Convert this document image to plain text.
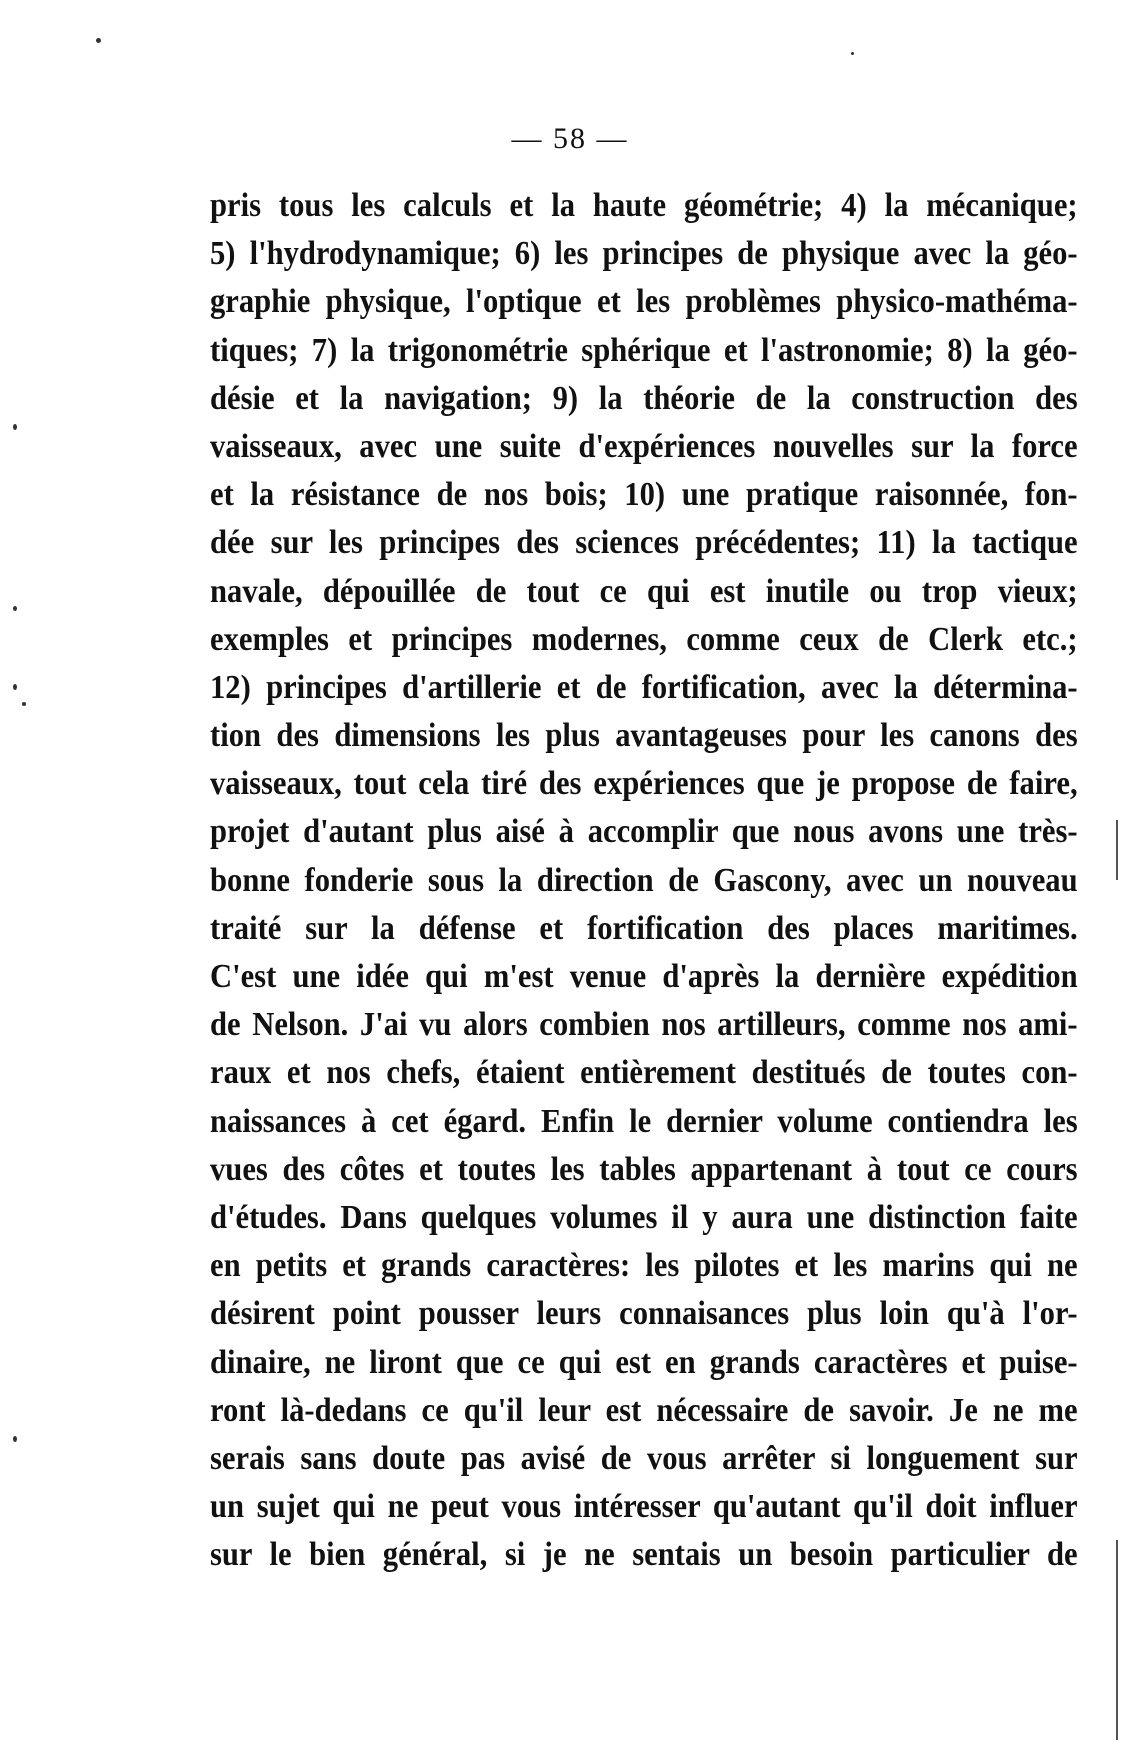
— 58 —
pris tous les calculs et la haute géométrie; 4) la mécanique;
5) l'hydrodynamique; 6) les principes de physique avec la géo-
graphie physique, l'optique et les problèmes physico-mathéma-
tiques; 7) la trigonométrie sphérique et l'astronomie; 8) la géo-
désie et la navigation; 9) la théorie de la construction des
vaisseaux, avec une suite d'expériences nouvelles sur la force
et la résistance de nos bois; 10) une pratique raisonnée, fon-
dée sur les principes des sciences précédentes; 11) la tactique
navale, dépouillée de tout ce qui est inutile ou trop vieux;
exemples et principes modernes, comme ceux de Clerk etc.;
12) principes d'artillerie et de fortification, avec la détermina-
tion des dimensions les plus avantageuses pour les canons des
vaisseaux, tout cela tiré des expériences que je propose de faire,
projet d'autant plus aisé à accomplir que nous avons une très-
bonne fonderie sous la direction de Gascony, avec un nouveau
traité sur la défense et fortification des places maritimes.
C'est une idée qui m'est venue d'après la dernière expédition
de Nelson. J'ai vu alors combien nos artilleurs, comme nos ami-
raux et nos chefs, étaient entièrement destitués de toutes con-
naissances à cet égard. Enfin le dernier volume contiendra les
vues des côtes et toutes les tables appartenant à tout ce cours
d'études. Dans quelques volumes il y aura une distinction faite
en petits et grands caractères: les pilotes et les marins qui ne
désirent point pousser leurs connaisances plus loin qu'à l'or-
dinaire, ne liront que ce qui est en grands caractères et puise-
ront là-dedans ce qu'il leur est nécessaire de savoir. Je ne me
serais sans doute pas avisé de vous arrêter si longuement sur
un sujet qui ne peut vous intéresser qu'autant qu'il doit influer
sur le bien général, si je ne sentais un besoin particulier de
